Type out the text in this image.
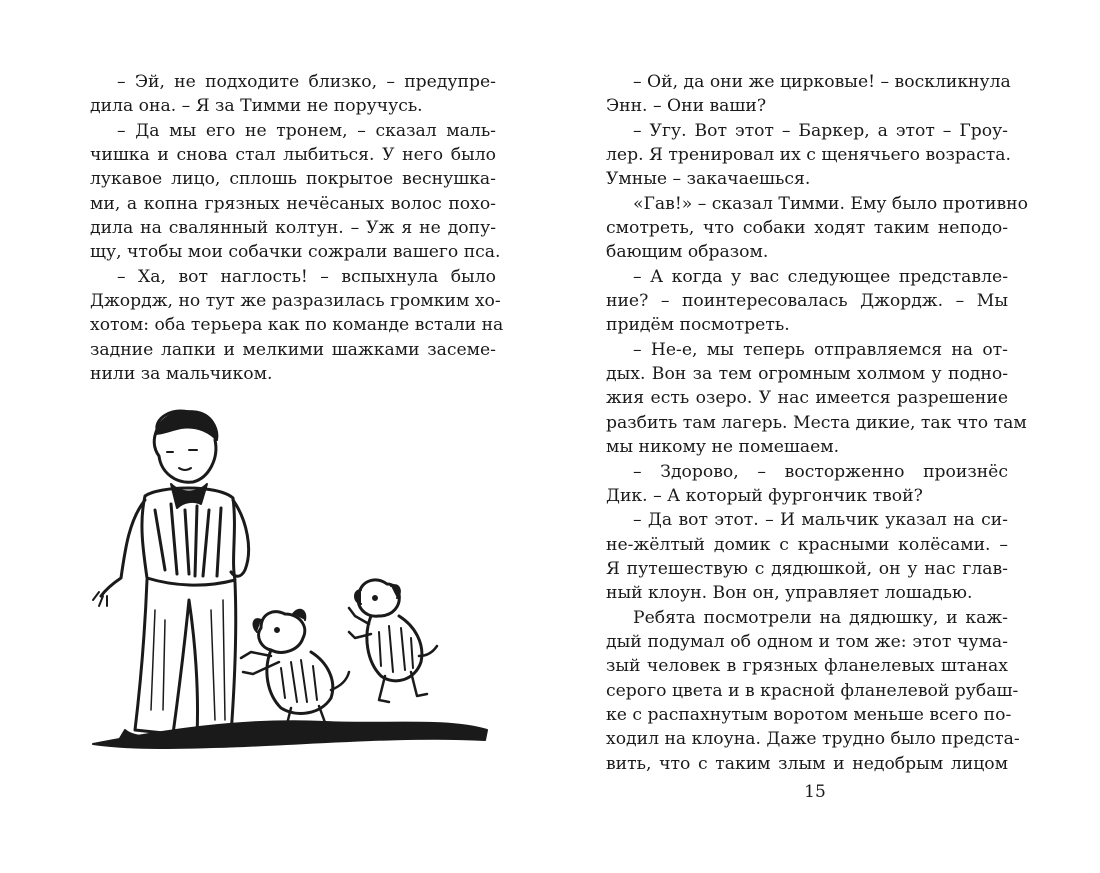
– Эй, не подходите близко, – предупре-
дила она. – Я за Тимми не поручусь.
– Да мы его не тронем, – сказал маль-
чишка и снова стал лыбиться. У него было
лукавое лицо, сплошь покрытое веснушка-
ми, а копна грязных нечёсаных волос похо-
дила на свалянный колтун. – Уж я не допу-
щу, чтобы мои собачки сожрали вашего пса.
– Ха, вот наглость! – вспыхнула было
Джордж, но тут же разразилась громким хо-
хотом: оба терьера как по команде встали на
задние лапки и мелкими шажками засеме-
нили за мальчиком.
– Ой, да они же цирковые! – воскликнула
Энн. – Они ваши?
– Угу. Вот этот – Баркер, а этот – Гроу-
лер. Я тренировал их с щенячьего возраста.
Умные – закачаешься.
«Гав!» – сказал Тимми. Ему было противно
смотреть, что собаки ходят таким неподо-
бающим образом.
– А когда у вас следующее представле-
ние? – поинтересовалась Джордж. – Мы
придём посмотреть.
– Не-е, мы теперь отправляемся на от-
дых. Вон за тем огромным холмом у подно-
жия есть озеро. У нас имеется разрешение
разбить там лагерь. Места дикие, так что там
мы никому не помешаем.
– Здорово, – восторженно произнёс
Дик. – А который фургончик твой?
– Да вот этот. – И мальчик указал на си-
не-жёлтый домик с красными колёсами. –
Я путешествую с дядюшкой, он у нас глав-
ный клоун. Вон он, управляет лошадью.
Ребята посмотрели на дядюшку, и каж-
дый подумал об одном и том же: этот чума-
зый человек в грязных фланелевых штанах
серого цвета и в красной фланелевой рубаш-
ке с распахнутым воротом меньше всего по-
ходил на клоуна. Даже трудно было предста-
вить, что с таким злым и недобрым лицом
15
